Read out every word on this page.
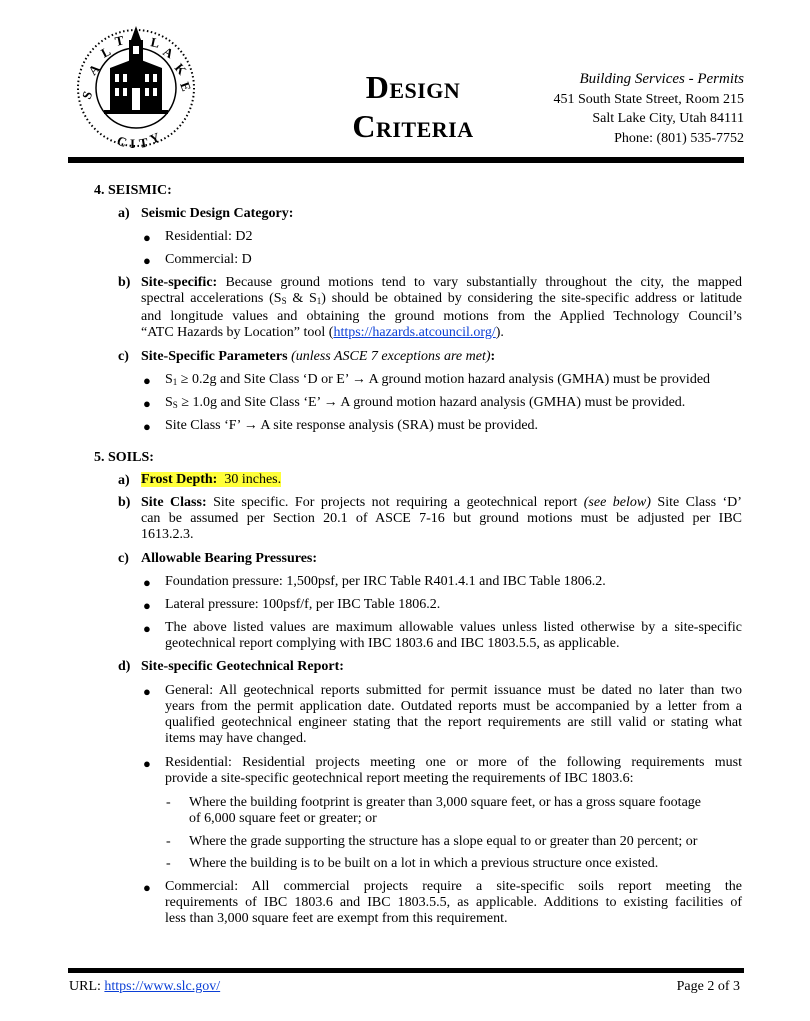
S
A
L
T L
A
K
E
C I T
Y
Design
Criteria
Building Services - Permits
451 South State Street, Room 215
Salt Lake City, Utah 84111
Phone: (801) 535-7752
4. SEISMIC:
a) Seismic Design Category:
● Residential: D2
● Commercial: D
b) Site-specific: Because ground motions tend to vary substantially throughout the city, the mapped
spectral accelerations ($S_S$ & $S_1$) should be obtained by considering the site-specific address or latitude
and longitude values and obtaining the ground motions from the Applied Technology Council’s
“ATC Hazards by Location” tool (https://hazards.atcouncil.org/).
c) Site-Specific Parameters (unless ASCE 7 exceptions are met):
● $S_1 \ge 0.2g$ and Site Class ‘D or E’ → A ground motion hazard analysis (GMHA) must be provided
● $S_S \ge 1.0g$ and Site Class ‘E’ → A ground motion hazard analysis (GMHA) must be provided.
● Site Class ‘F’ → A site response analysis (SRA) must be provided.
5. SOILS:
a) Frost Depth: 30 inches.
b) Site Class: Site specific. For projects not requiring a geotechnical report (see below) Site Class ‘D’
can be assumed per Section 20.1 of ASCE 7-16 but ground motions must be adjusted per IBC
1613.2.3.
c) Allowable Bearing Pressures:
● Foundation pressure: 1,500psf, per IRC Table R401.4.1 and IBC Table 1806.2.
● Lateral pressure: 100psf/f, per IBC Table 1806.2.
● The above listed values are maximum allowable values unless listed otherwise by a site-specific
geotechnical report complying with IBC 1803.6 and IBC 1803.5.5, as applicable.
d) Site-specific Geotechnical Report:
● General: All geotechnical reports submitted for permit issuance must be dated no later than two
years from the permit application date. Outdated reports must be accompanied by a letter from a
qualified geotechnical engineer stating that the report requirements are still valid or stating what
items may have changed.
● Residential: Residential projects meeting one or more of the following requirements must
provide a site-specific geotechnical report meeting the requirements of IBC 1803.6:
- Where the building footprint is greater than 3,000 square feet, or has a gross square footage
of 6,000 square feet or greater; or
- Where the grade supporting the structure has a slope equal to or greater than 20 percent; or
- Where the building is to be built on a lot in which a previous structure once existed.
● Commercial: All commercial projects require a site-specific soils report meeting the
requirements of IBC 1803.6 and IBC 1803.5.5, as applicable. Additions to existing facilities of
less than 3,000 square feet are exempt from this requirement.
URL: https://www.slc.gov/	Page 2 of 3
